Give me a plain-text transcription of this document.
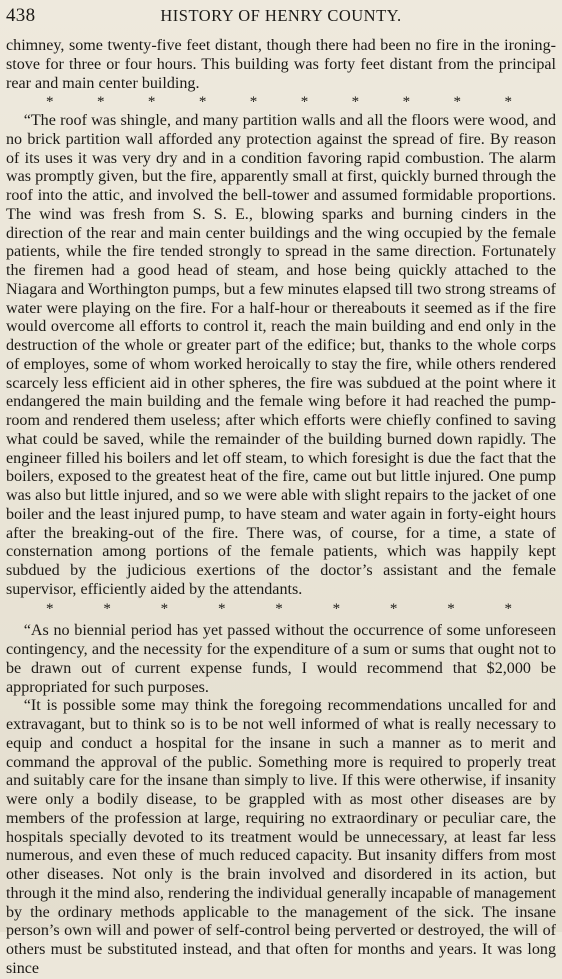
438	HISTORY OF HENRY COUNTY.

chimney, some twenty-five feet distant, though there had been no fire in the ironing-stove for three or four hours. This building was forty feet distant from the principal rear and main center building.

*	*	*	*	*	*	*	*	*	*

“The roof was shingle, and many partition walls and all the floors were wood, and no brick partition wall afforded any protection against the spread of fire. By reason of its uses it was very dry and in a condition favoring rapid combustion. The alarm was promptly given, but the fire, apparently small at first, quickly burned through the roof into the attic, and involved the bell-tower and assumed formidable proportions. The wind was fresh from S. S. E., blowing sparks and burning cinders in the direction of the rear and main center buildings and the wing occupied by the female patients, while the fire tended strongly to spread in the same direction. Fortunately the firemen had a good head of steam, and hose being quickly attached to the Niagara and Worthington pumps, but a few minutes elapsed till two strong streams of water were playing on the fire. For a half-hour or thereabouts it seemed as if the fire would overcome all efforts to control it, reach the main building and end only in the destruction of the whole or greater part of the edifice; but, thanks to the whole corps of employes, some of whom worked heroically to stay the fire, while others rendered scarcely less efficient aid in other spheres, the fire was subdued at the point where it endangered the main building and the female wing before it had reached the pump-room and rendered them useless; after which efforts were chiefly confined to saving what could be saved, while the remainder of the building burned down rapidly. The engineer filled his boilers and let off steam, to which foresight is due the fact that the boilers, exposed to the greatest heat of the fire, came out but little injured. One pump was also but little injured, and so we were able with slight repairs to the jacket of one boiler and the least injured pump, to have steam and water again in forty-eight hours after the breaking-out of the fire. There was, of course, for a time, a state of consternation among portions of the female patients, which was happily kept subdued by the judicious exertions of the doctor’s assistant and the female supervisor, efficiently aided by the attendants.

*	*	*	*	*	*	*	*	*

“As no biennial period has yet passed without the occurrence of some unforeseen contingency, and the necessity for the expenditure of a sum or sums that ought not to be drawn out of current expense funds, I would recommend that $2,000 be appropriated for such purposes.

“It is possible some may think the foregoing recommendations uncalled for and extravagant, but to think so is to be not well informed of what is really necessary to equip and conduct a hospital for the insane in such a manner as to merit and command the approval of the public. Something more is required to properly treat and suitably care for the insane than simply to live. If this were otherwise, if insanity were only a bodily disease, to be grappled with as most other diseases are by members of the profession at large, requiring no extraordinary or peculiar care, the hospitals specially devoted to its treatment would be unnecessary, at least far less numerous, and even these of much reduced capacity. But insanity differs from most other diseases. Not only is the brain involved and disordered in its action, but through it the mind also, rendering the individual generally incapable of management by the ordinary methods applicable to the management of the sick. The insane person’s own will and power of self-control being perverted or destroyed, the will of others must be substituted instead, and that often for months and years. It was long since
